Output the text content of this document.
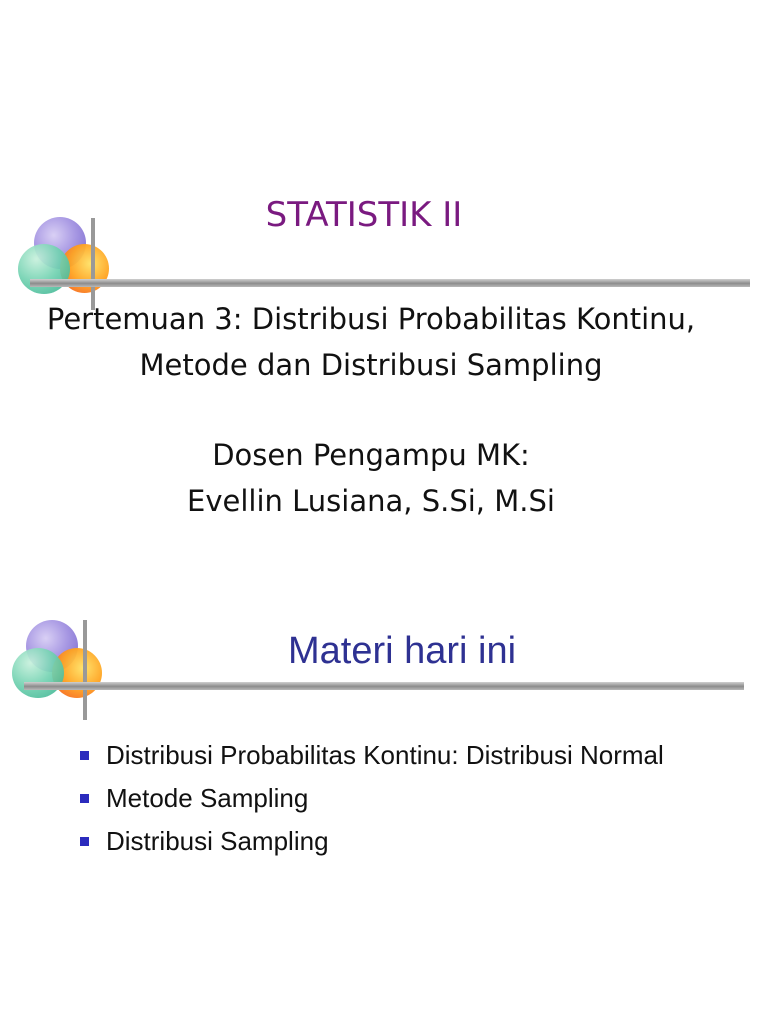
STATISTIK II
Pertemuan 3: Distribusi Probabilitas Kontinu,
Metode dan Distribusi Sampling
Dosen Pengampu MK:
Evellin Lusiana, S.Si, M.Si
Materi hari ini
Distribusi Probabilitas Kontinu: Distribusi Normal
Metode Sampling
Distribusi Sampling
